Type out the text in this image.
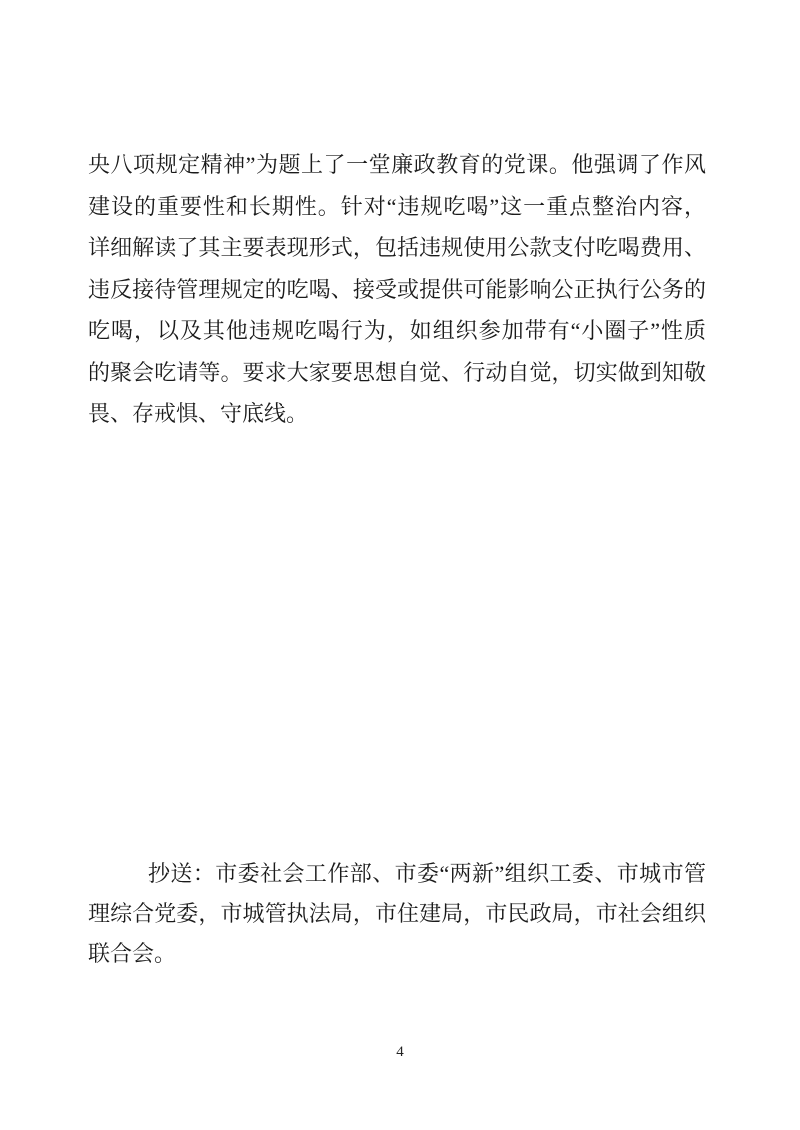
央八项规定精神”为题上了一堂廉政教育的党课。他强调了作风
建设的重要性和长期性。针对“违规吃喝”这一重点整治内容，
详细解读了其主要表现形式，包括违规使用公款支付吃喝费用、
违反接待管理规定的吃喝、接受或提供可能影响公正执行公务的
吃喝，以及其他违规吃喝行为，如组织参加带有“小圈子”性质
的聚会吃请等。要求大家要思想自觉、行动自觉，切实做到知敬
畏、存戒惧、守底线。
抄送：市委社会工作部、市委“两新”组织工委、市城市管
理综合党委，市城管执法局，市住建局，市民政局，市社会组织
联合会。
4
